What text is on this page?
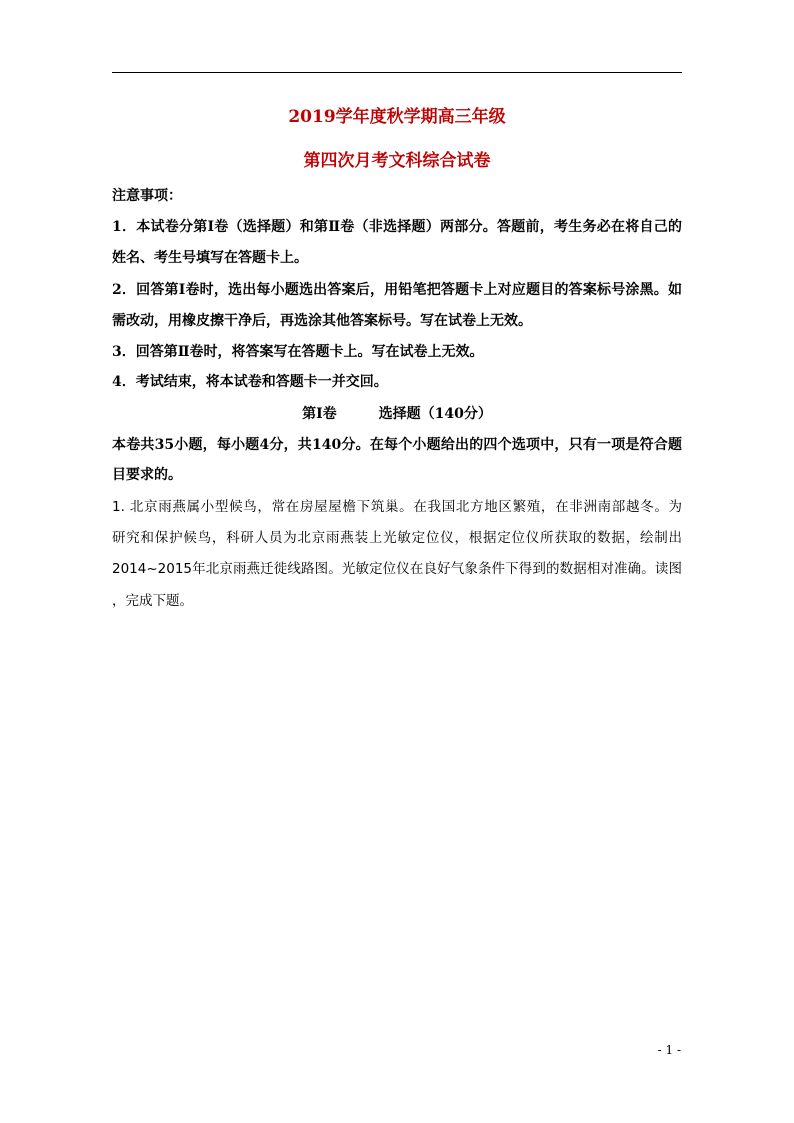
2019学年度秋学期高三年级
第四次月考文科综合试卷
注意事项：
1．本试卷分第Ⅰ卷（选择题）和第Ⅱ卷（非选择题）两部分。答题前，考生务必在将自己的
姓名、考生号填写在答题卡上。
2．回答第Ⅰ卷时，选出每小题选出答案后，用铅笔把答题卡上对应题目的答案标号涂黑。如
需改动，用橡皮擦干净后，再选涂其他答案标号。写在试卷上无效。
3．回答第Ⅱ卷时，将答案写在答题卡上。写在试卷上无效。
4．考试结束，将本试卷和答题卡一并交回。
第Ⅰ卷　　　选择题（140分）
本卷共35小题，每小题4分，共140分。在每个小题给出的四个选项中，只有一项是符合题
目要求的。
1. 北京雨燕属小型候鸟，常在房屋屋檐下筑巢。在我国北方地区繁殖，在非洲南部越冬。为
研究和保护候鸟，科研人员为北京雨燕装上光敏定位仪，根据定位仪所获取的数据，绘制出
2014~2015年北京雨燕迁徙线路图。光敏定位仪在良好气象条件下得到的数据相对准确。读图
，完成下题。
- 1 -
